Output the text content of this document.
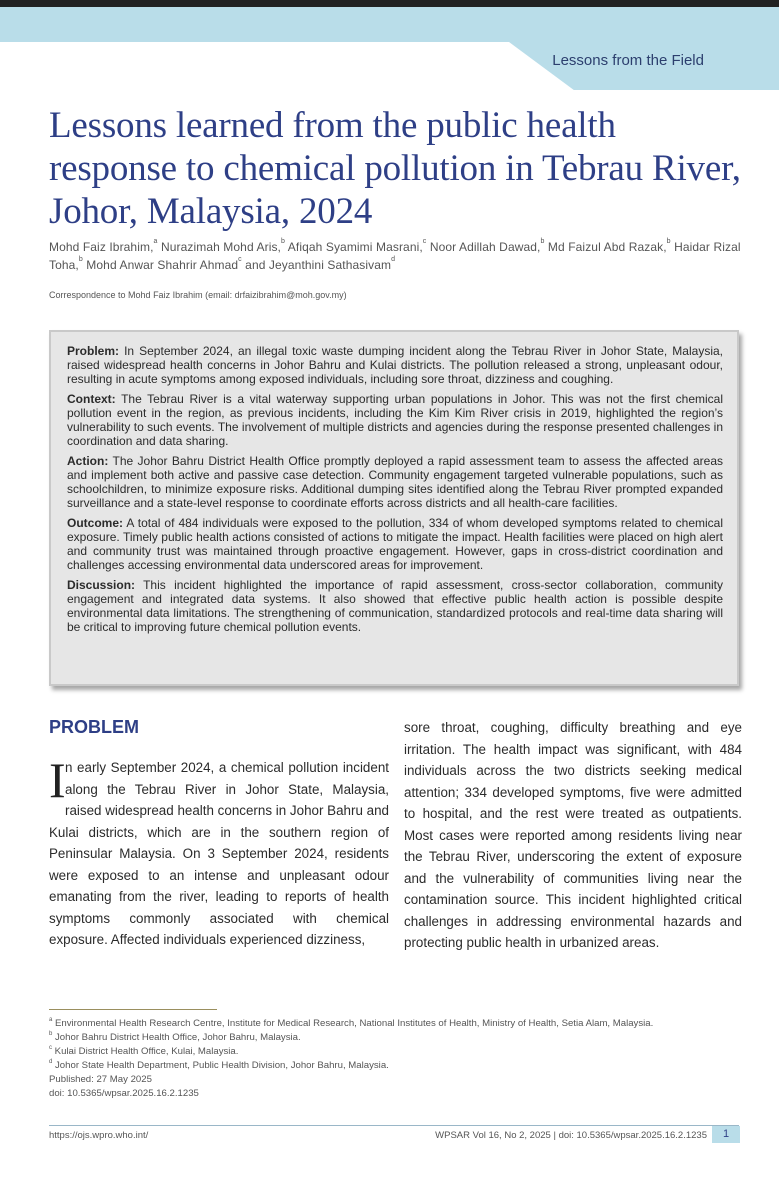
Lessons from the Field
Lessons learned from the public health response to chemical pollution in Tebrau River, Johor, Malaysia, 2024
Mohd Faiz Ibrahim,$^a$ Nurazimah Mohd Aris,$^b$ Afiqah Syamimi Masrani,$^c$ Noor Adillah Dawad,$^b$ Md Faizul Abd Razak,$^b$ Haidar Rizal Toha,$^b$ Mohd Anwar Shahrir Ahmad$^c$ and Jeyanthini Sathasivam$^d$
Correspondence to Mohd Faiz Ibrahim (email: drfaizibrahim@moh.gov.my)

Problem: In September 2024, an illegal toxic waste dumping incident along the Tebrau River in Johor State, Malaysia, raised widespread health concerns in Johor Bahru and Kulai districts. The pollution released a strong, unpleasant odour, resulting in acute symptoms among exposed individuals, including sore throat, dizziness and coughing.

Context: The Tebrau River is a vital waterway supporting urban populations in Johor. This was not the first chemical pollution event in the region, as previous incidents, including the Kim Kim River crisis in 2019, highlighted the region’s vulnerability to such events. The involvement of multiple districts and agencies during the response presented challenges in coordination and data sharing.

Action: The Johor Bahru District Health Office promptly deployed a rapid assessment team to assess the affected areas and implement both active and passive case detection. Community engagement targeted vulnerable populations, such as schoolchildren, to minimize exposure risks. Additional dumping sites identified along the Tebrau River prompted expanded surveillance and a state-level response to coordinate efforts across districts and all health-care facilities.

Outcome: A total of 484 individuals were exposed to the pollution, 334 of whom developed symptoms related to chemical exposure. Timely public health actions consisted of actions to mitigate the impact. Health facilities were placed on high alert and community trust was maintained through proactive engagement. However, gaps in cross-district coordination and challenges accessing environmental data underscored areas for improvement.

Discussion: This incident highlighted the importance of rapid assessment, cross-sector collaboration, community engagement and integrated data systems. It also showed that effective public health action is possible despite environmental data limitations. The strengthening of communication, standardized protocols and real-time data sharing will be critical to improving future chemical pollution events.

PROBLEM
I n early September 2024, a chemical pollution incident along the Tebrau River in Johor State, Malaysia, raised widespread health concerns in Johor Bahru and Kulai districts, which are in the southern region of Peninsular Malaysia. On 3 September 2024, residents were exposed to an intense and unpleasant odour emanating from the river, leading to reports of health symptoms commonly associated with chemical exposure. Affected individuals experienced dizziness,
sore throat, coughing, difficulty breathing and eye irritation. The health impact was significant, with 484 individuals across the two districts seeking medical attention; 334 developed symptoms, five were admitted to hospital, and the rest were treated as outpatients. Most cases were reported among residents living near the Tebrau River, underscoring the extent of exposure and the vulnerability of communities living near the contamination source. This incident highlighted critical challenges in addressing environmental hazards and protecting public health in urbanized areas.
$^a$ Environmental Health Research Centre, Institute for Medical Research, National Institutes of Health, Ministry of Health, Setia Alam, Malaysia.
$^b$ Johor Bahru District Health Office, Johor Bahru, Malaysia.
$^c$ Kulai District Health Office, Kulai, Malaysia.
$^d$ Johor State Health Department, Public Health Division, Johor Bahru, Malaysia.
Published: 27 May 2025
doi: 10.5365/wpsar.2025.16.2.1235
https://ojs.wpro.who.int/	WPSAR Vol 16, No 2, 2025 | doi: 10.5365/wpsar.2025.16.2.1235	1
